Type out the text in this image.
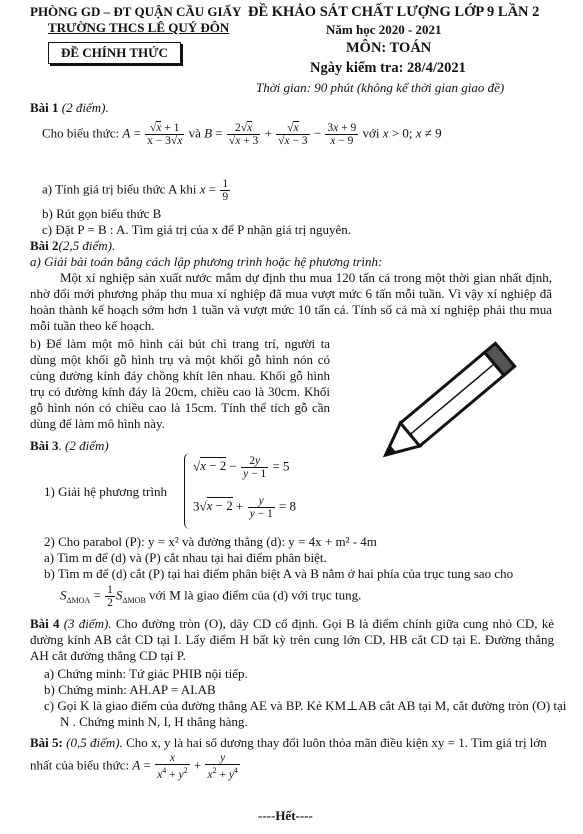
PHÒNG GD – ĐT QUẬN CẦU GIẤY
TRƯỜNG THCS LÊ QUÝ ĐÔN
ĐỀ CHÍNH THỨC
ĐỀ KHẢO SÁT CHẤT LƯỢNG LỚP 9 LẦN 2
Năm học 2020 - 2021
MÔN: TOÁN
Ngày kiểm tra: 28/4/2021
Thời gian: 90 phút (không kể thời gian giao đề)
Bài 1 (2 điểm).
Cho biểu thức: $A = \frac{√x + 1}{x - 3√x}$ và $B = \frac{2√x}{√x + 3} + \frac{√x}{√x - 3} - \frac{3x + 9}{x - 9}$ với x > 0; x ≠ 9
a) Tính giá trị biểu thức A khi $x = \frac{1}{9}$
b) Rút gọn biểu thức B
c) Đặt P = B : A. Tìm giá trị của x để P nhận giá trị nguyên.
Bài 2(2,5 điểm).
a) Giải bài toán bằng cách lập phương trình hoặc hệ phương trình:
Một xí nghiệp sản xuất nước mắm dự định thu mua 120 tấn cá trong một thời gian nhất định, nhờ đổi mới phương pháp thu mua xí nghiệp đã mua vượt mức 6 tấn mỗi tuần. Vì vậy xí nghiệp đã hoàn thành kế hoạch sớm hơn 1 tuần và vượt mức 10 tấn cá. Tính số cá mà xí nghiệp phải thu mua mỗi tuần theo kế hoạch.
b) Để làm một mô hình cái bút chì trang trí, người ta dùng một khối gỗ hình trụ và một khối gỗ hình nón có cùng đường kính đáy chồng khít lên nhau. Khối gỗ hình trụ có đường kính đáy là 20cm, chiều cao là 30cm. Khối gỗ hình nón có chiều cao là 15cm. Tính thể tích gỗ cần dùng để làm mô hình này.
Bài 3. (2 điểm)
1) Giải hệ phương trình
$√x - 2 - \frac{2y}{y - 1} = 5$
$3√x - 2 + \frac{y}{y - 1} = 8$
2) Cho parabol (P): y = x² và đường thẳng (d): y = 4x + m² - 4m
a) Tìm m để (d) và (P) cắt nhau tại hai điểm phân biệt.
b) Tìm m để (d) cắt (P) tại hai điểm phân biệt A và B nằm ở hai phía của trục tung sao cho
$S_{\Delta MOA} = \frac{1}{2} S_{\Delta MOB}$ với M là giao điểm của (d) với trục tung.
Bài 4 (3 điểm). Cho đường tròn (O), dây CD cố định. Gọi B là điểm chính giữa cung nhỏ CD, kẻ đường kính AB cắt CD tại I. Lấy điểm H bất kỳ trên cung lớn CD, HB cắt CD tại E. Đường thẳng AH cắt đường thẳng CD tại P.
a) Chứng minh: Tứ giác PHIB nội tiếp.
b) Chứng minh: AH.AP = AI.AB
c) Gọi K là giao điểm của đường thẳng AE và BP. Kẻ KM⊥AB cắt AB tại M, cắt đường tròn (O) tại N . Chứng minh N, I, H thẳng hàng.
Bài 5: (0,5 điểm). Cho x, y là hai số dương thay đổi luôn thỏa mãn điều kiện xy = 1. Tìm giá trị lớn nhất của biểu thức: $A = \frac{x}{x^4 + y^2} + \frac{y}{x^2 + y^4}$
----Hết----
